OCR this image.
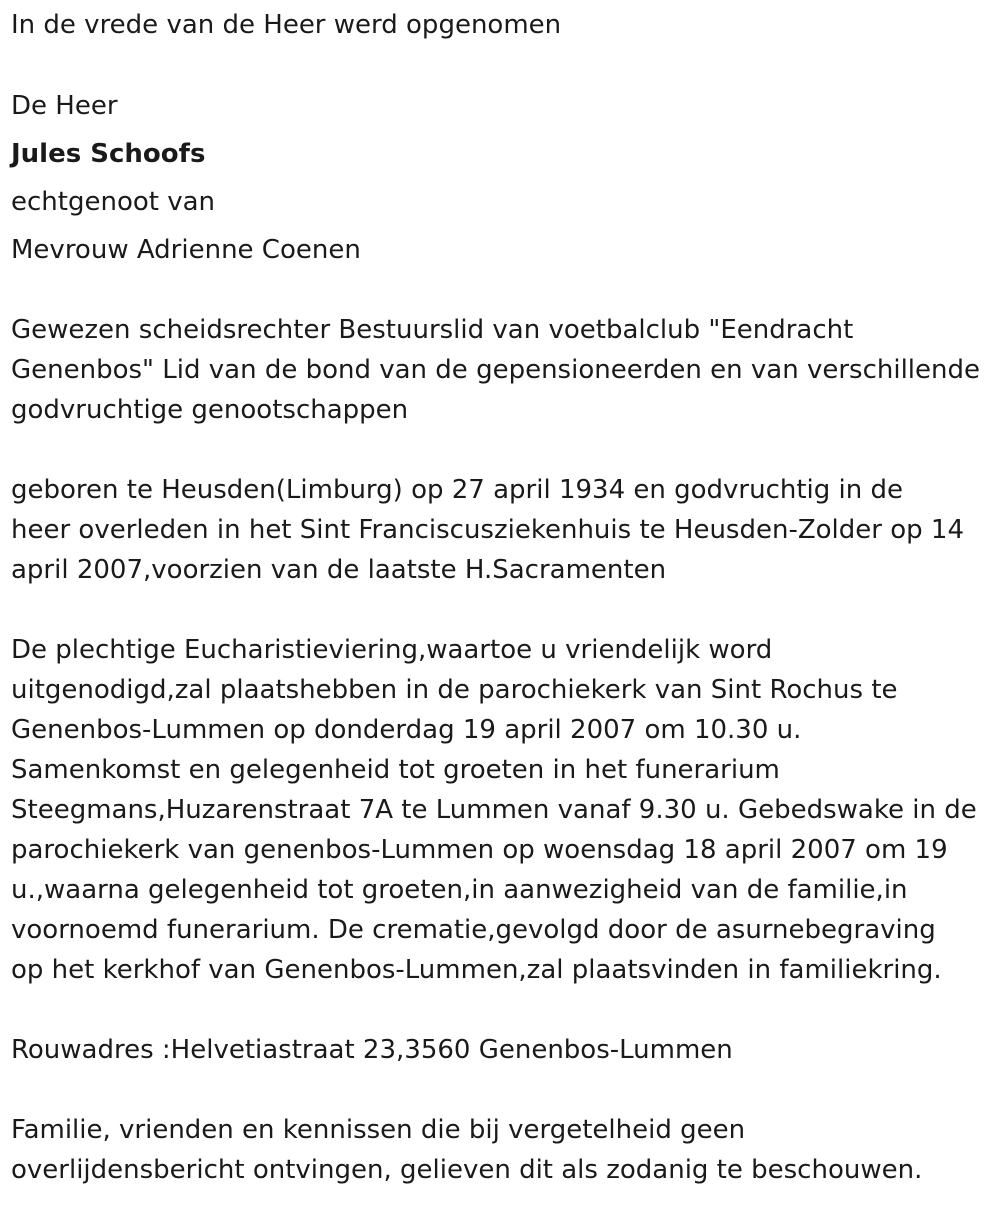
In de vrede van de Heer werd opgenomen

De Heer

Jules Schoofs

echtgenoot van

Mevrouw Adrienne Coenen

Gewezen scheidsrechter Bestuurslid van voetbalclub "Eendracht
Genenbos" Lid van de bond van de gepensioneerden en van verschillende
godvruchtige genootschappen
geboren te Heusden(Limburg) op 27 april 1934 en godvruchtig in de
heer overleden in het Sint Franciscusziekenhuis te Heusden-Zolder op 14
april 2007,voorzien van de laatste H.Sacramenten
De plechtige Eucharistieviering,waartoe u vriendelijk word
uitgenodigd,zal plaatshebben in de parochiekerk van Sint Rochus te
Genenbos-Lummen op donderdag 19 april 2007 om 10.30 u.
Samenkomst en gelegenheid tot groeten in het funerarium
Steegmans,Huzarenstraat 7A te Lummen vanaf 9.30 u. Gebedswake in de
parochiekerk van genenbos-Lummen op woensdag 18 april 2007 om 19
u.,waarna gelegenheid tot groeten,in aanwezigheid van de familie,in
voornoemd funerarium. De crematie,gevolgd door de asurnebegraving
op het kerkhof van Genenbos-Lummen,zal plaatsvinden in familiekring.

Rouwadres :Helvetiastraat 23,3560 Genenbos-Lummen

Familie, vrienden en kennissen die bij vergetelheid geen
overlijdensbericht ontvingen, gelieven dit als zodanig te beschouwen.
